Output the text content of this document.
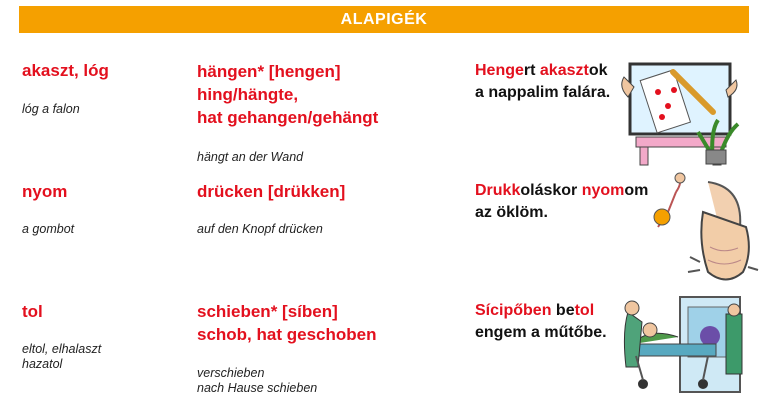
ALAPIGÉK
akaszt, lóg
lóg a falon
hängen* [hengen]
hing/hängte,
hat gehangen/gehängt
hängt an der Wand
Hengert akasztok
a nappalim falára.
nyom
a gombot
drücken [drükken]
auf den Knopf drücken
Drukkoláskor nyomom
az öklöm.
tol
eltol, elhalaszt
hazatol
schieben* [síben]
schob, hat geschoben
verschieben
nach Hause schieben
Sícipőben betol
engem a műtőbe.
